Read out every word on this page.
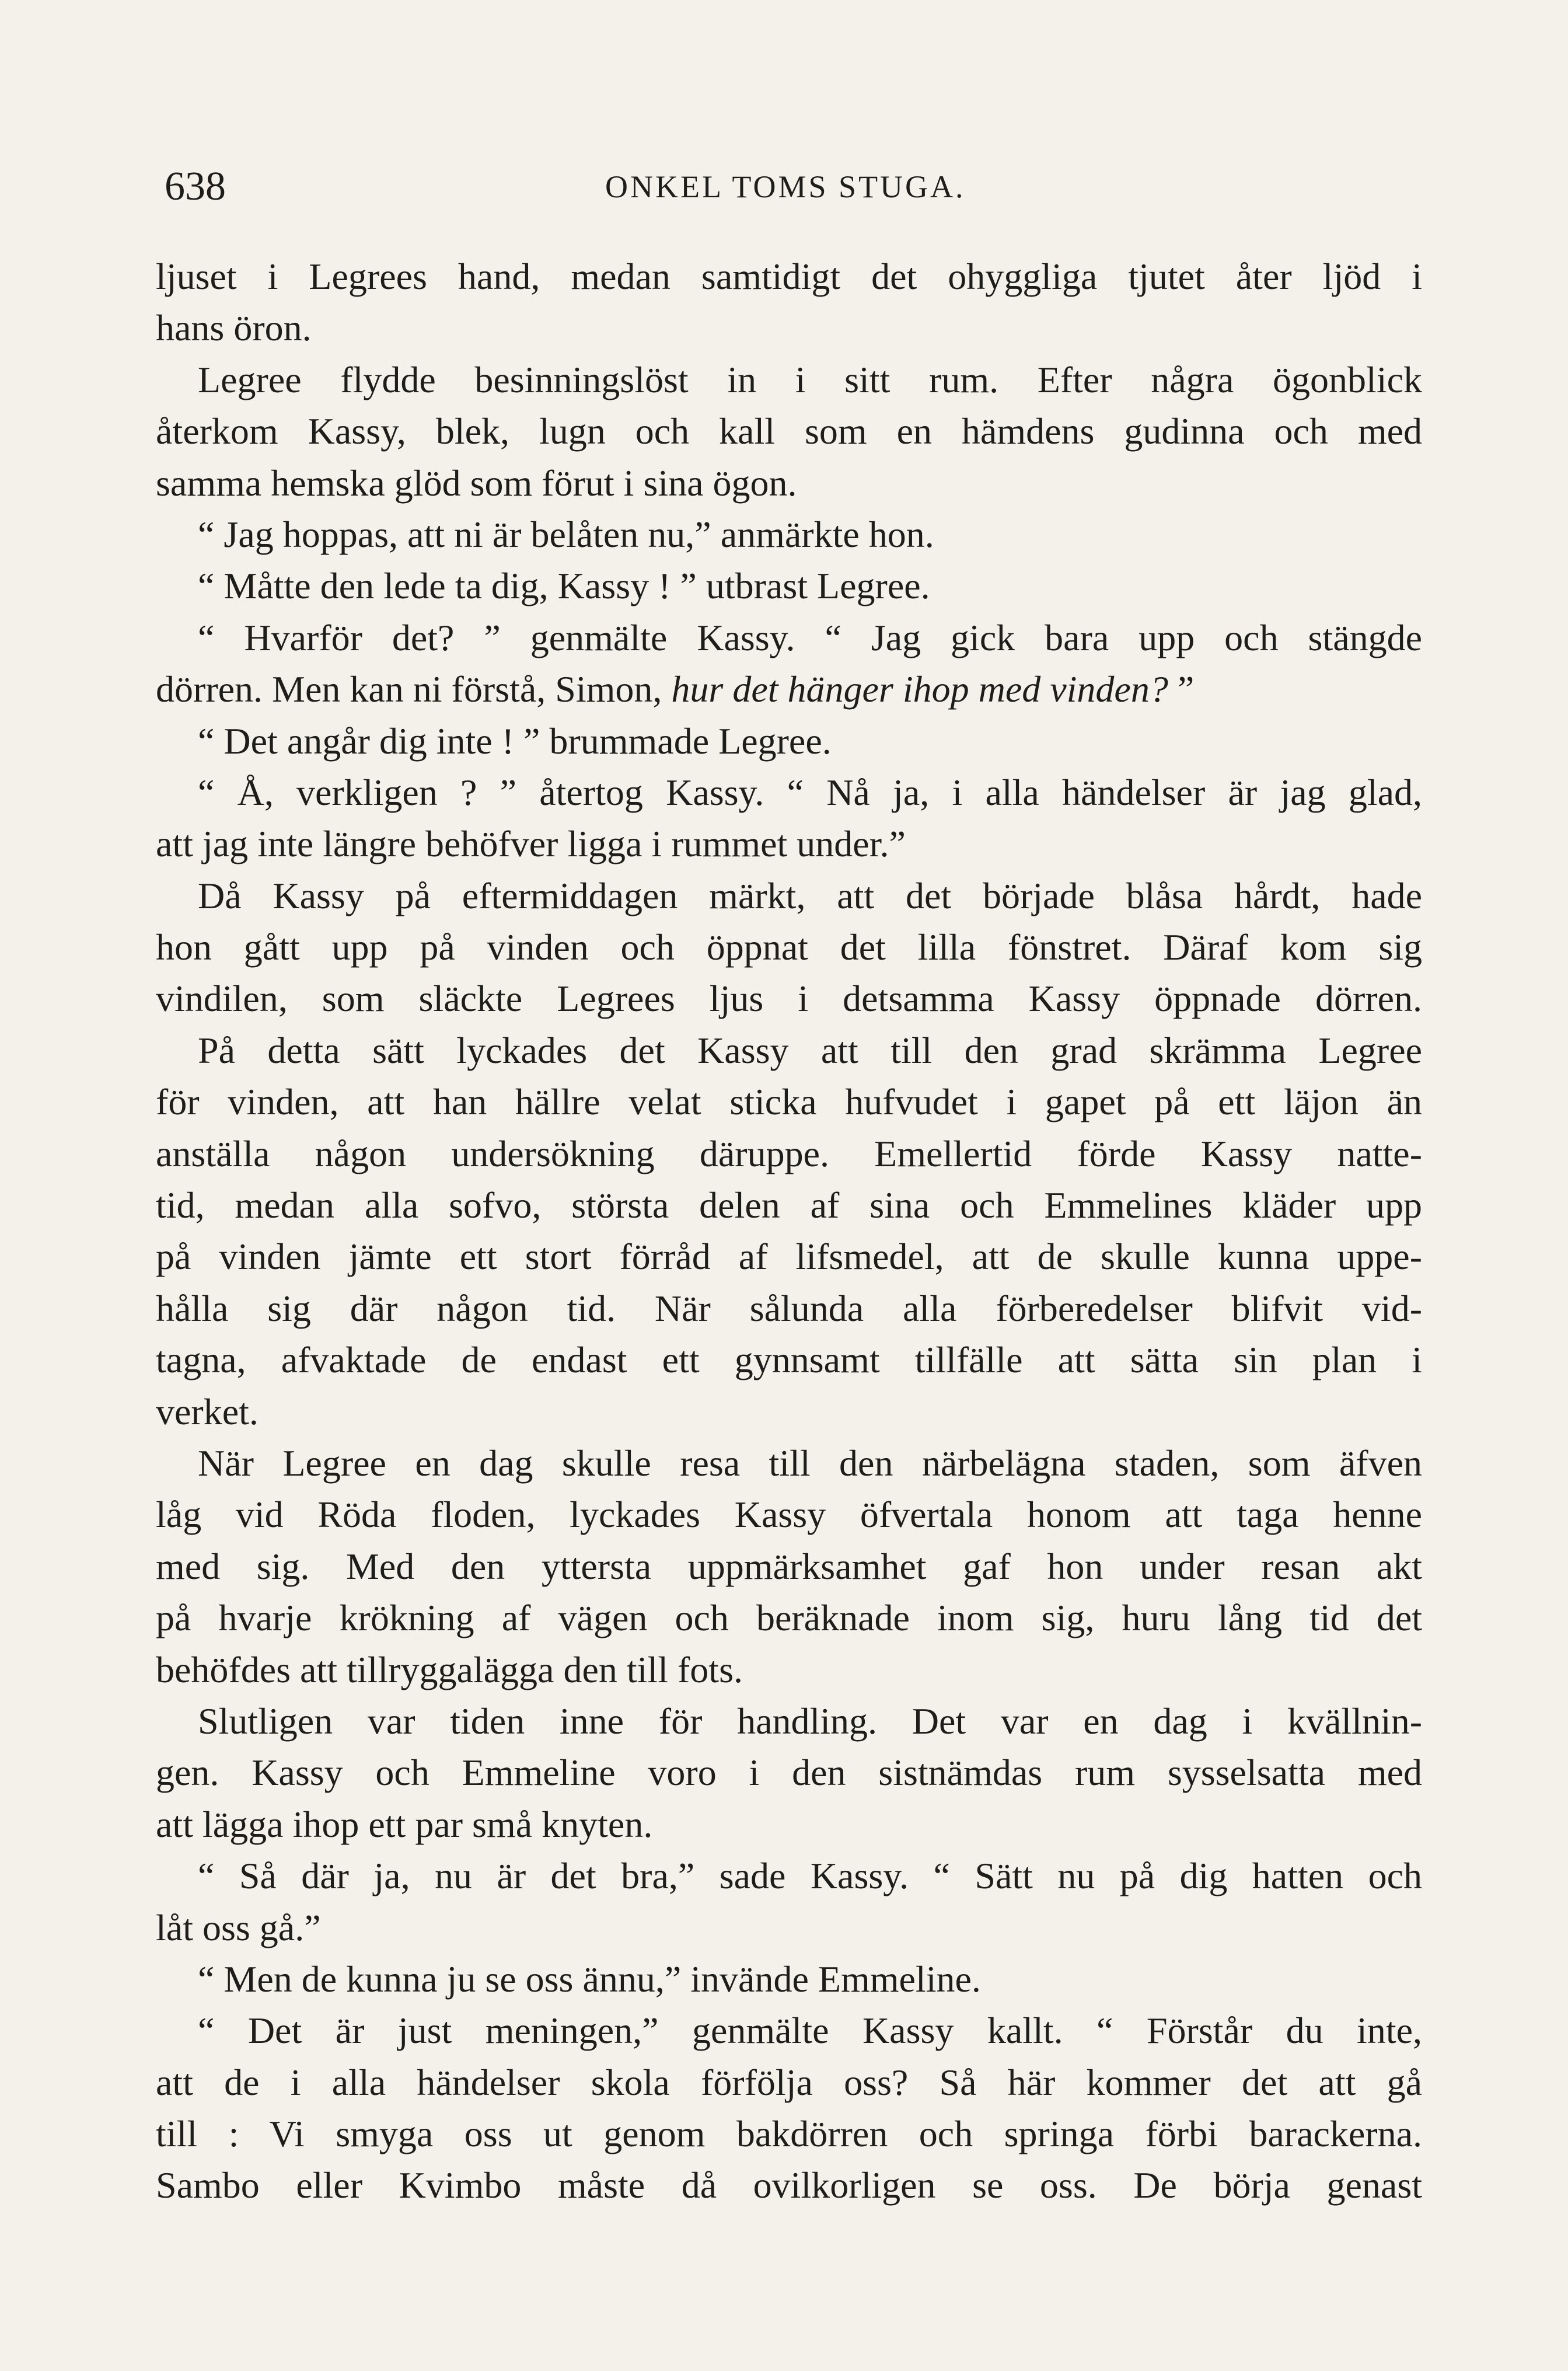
638	ONKEL TOMS STUGA.
ljuset i Legrees hand, medan samtidigt det ohyggliga tjutet åter ljöd i
hans öron.
Legree flydde besinningslöst in i sitt rum. Efter några ögonblick
återkom Kassy, blek, lugn och kall som en hämdens gudinna och med
samma hemska glöd som förut i sina ögon.
“ Jag hoppas, att ni är belåten nu,” anmärkte hon.
“ Måtte den lede ta dig, Kassy ! ” utbrast Legree.
“ Hvarför det? ” genmälte Kassy. “ Jag gick bara upp och stängde
dörren. Men kan ni förstå, Simon, hur det hänger ihop med vinden? ”
“ Det angår dig inte ! ” brummade Legree.
“ Å, verkligen ? ” återtog Kassy. “ Nå ja, i alla händelser är jag glad,
att jag inte längre behöfver ligga i rummet under.”
Då Kassy på eftermiddagen märkt, att det började blåsa hårdt, hade
hon gått upp på vinden och öppnat det lilla fönstret. Däraf kom sig
vindilen, som släckte Legrees ljus i detsamma Kassy öppnade dörren.
På detta sätt lyckades det Kassy att till den grad skrämma Legree
för vinden, att han hällre velat sticka hufvudet i gapet på ett läjon än
anställa någon undersökning däruppe. Emellertid förde Kassy natte-
tid, medan alla sofvo, största delen af sina och Emmelines kläder upp
på vinden jämte ett stort förråd af lifsmedel, att de skulle kunna uppe-
hålla sig där någon tid. När sålunda alla förberedelser blifvit vid-
tagna, afvaktade de endast ett gynnsamt tillfälle att sätta sin plan i
verket.
När Legree en dag skulle resa till den närbelägna staden, som äfven
låg vid Röda floden, lyckades Kassy öfvertala honom att taga henne
med sig. Med den yttersta uppmärksamhet gaf hon under resan akt
på hvarje krökning af vägen och beräknade inom sig, huru lång tid det
behöfdes att tillryggalägga den till fots.
Slutligen var tiden inne för handling. Det var en dag i kvällnin-
gen. Kassy och Emmeline voro i den sistnämdas rum sysselsatta med
att lägga ihop ett par små knyten.
“ Så där ja, nu är det bra,” sade Kassy. “ Sätt nu på dig hatten och
låt oss gå.”
“ Men de kunna ju se oss ännu,” invände Emmeline.
“ Det är just meningen,” genmälte Kassy kallt. “ Förstår du inte,
att de i alla händelser skola förfölja oss? Så här kommer det att gå
till : Vi smyga oss ut genom bakdörren och springa förbi barackerna.
Sambo eller Kvimbo måste då ovilkorligen se oss. De börja genast
